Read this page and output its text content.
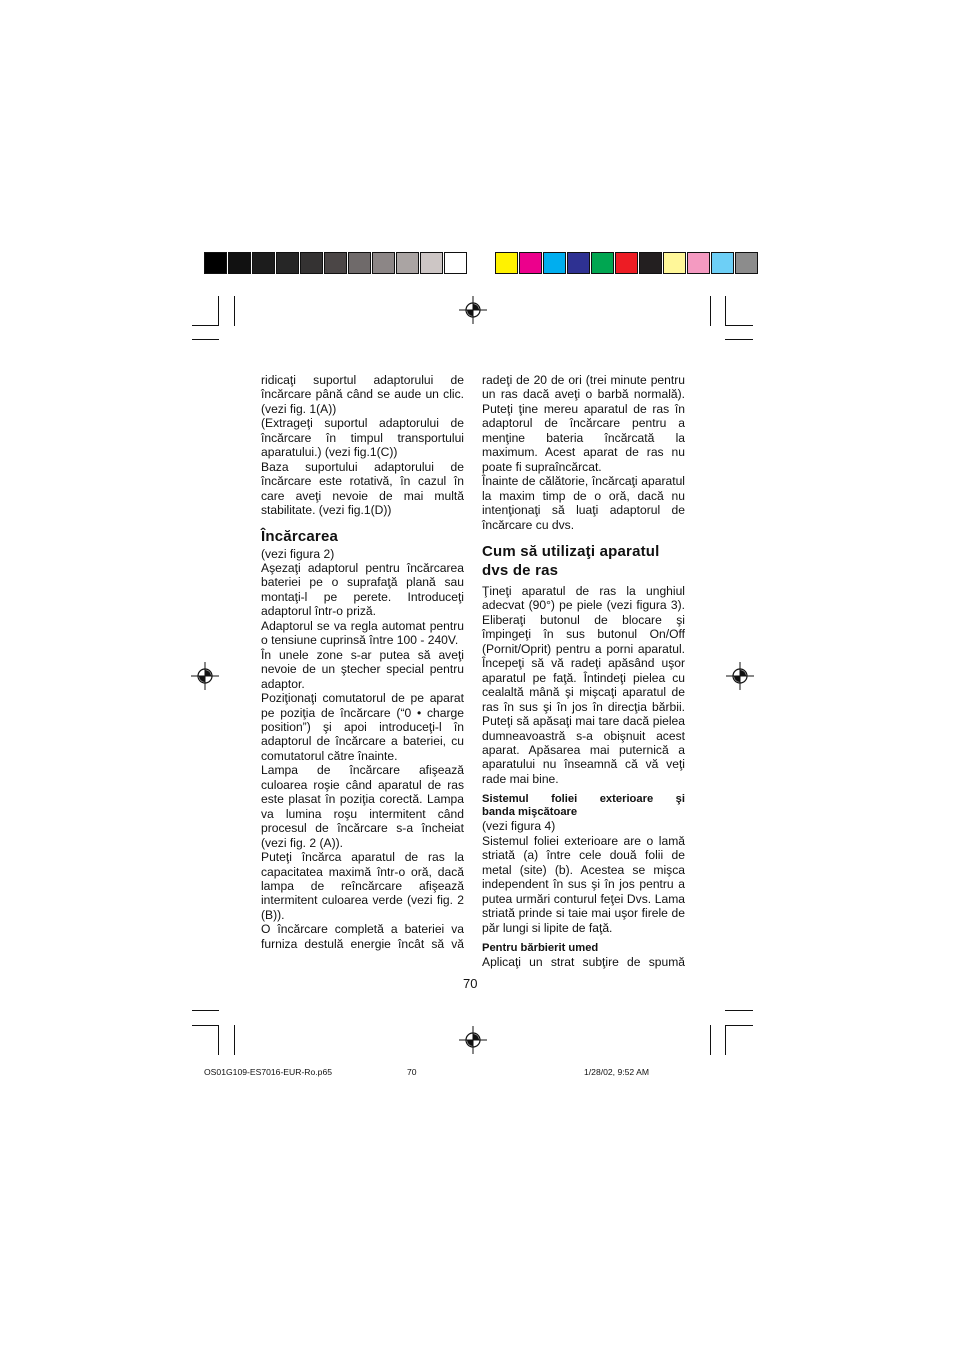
ridicaţi suportul adaptorului de încărcare până când se aude un clic. (vezi fig. 1(A))

(Extrageţi suportul adaptorului de încărcare în timpul transportului aparatului.) (vezi fig.1(C))

Baza suportului adaptorului de încărcare este rotativă, în cazul în care aveţi nevoie de mai multă stabilitate. (vezi fig.1(D))

Încărcarea

(vezi figura 2)

Aşezaţi adaptorul pentru încărcarea bateriei pe o suprafaţă plană sau montaţi-l pe perete. Introduceţi adaptorul într-o priză.

Adaptorul se va regla automat pentru o tensiune cuprinsă între 100 - 240V.

În unele zone s-ar putea să aveţi nevoie de un ştecher special pentru adaptor.

Poziţionaţi comutatorul de pe aparat pe poziţia de încărcare (“0 • charge position”) şi apoi introduceţi-l în adaptorul de încărcare a bateriei, cu comutatorul către înainte.

Lampa de încărcare afişează culoarea roşie când aparatul de ras este plasat în poziţia corectă. Lampa va lumina roşu intermitent când procesul de încărcare s-a încheiat (vezi fig. 2 (A)).

Puteţi încărca aparatul de ras la capacitatea maximă într-o oră, dacă lampa de reîncărcare afişează intermitent culoarea verde (vezi fig. 2 (B)).

O încărcare completă a bateriei va furniza destulă energie încât să vă

radeţi de 20 de ori (trei minute pentru un ras dacă aveţi o barbă normală). Puteţi ţine mereu aparatul de ras în adaptorul de încărcare pentru a menţine bateria încărcată la maximum. Acest aparat de ras nu poate fi supraîncărcat.

Înainte de călătorie, încărcaţi aparatul la maxim timp de o oră, dacă nu intenţionaţi să luaţi adaptorul de încărcare cu dvs.

Cum să utilizaţi aparatul
dvs de ras

Ţineţi aparatul de ras la unghiul adecvat (90°) pe piele (vezi figura 3). Eliberaţi butonul de blocare şi împingeţi în sus butonul On/Off (Pornit/Oprit) pentru a porni aparatul. Începeţi să vă radeţi apăsând uşor aparatul pe faţă. Întindeţi pielea cu cealaltă mână şi mişcaţi aparatul de ras în sus şi în jos în direcţia bărbii. Puteţi să apăsaţi mai tare dacă pielea dumneavoastră s-a obişnuit acest aparat. Apăsarea mai puternică a aparatului nu înseamnă că vă veţi rade mai bine.

Sistemul foliei exterioare şi
banda mişcătoare

(vezi figura 4)

Sistemul foliei exterioare are o lamă striată (a) între cele două folii de metal (site) (b). Acestea se mişca independent în sus şi în jos pentru a putea urmări conturul feţei Dvs. Lama striată prinde si taie mai uşor firele de păr lungi si lipite de faţă.

Pentru bărbierit umed

Aplicaţi un strat subţire de spumă

70
OS01G109-ES7016-EUR-Ro.p65	70	1/28/02, 9:52 AM
